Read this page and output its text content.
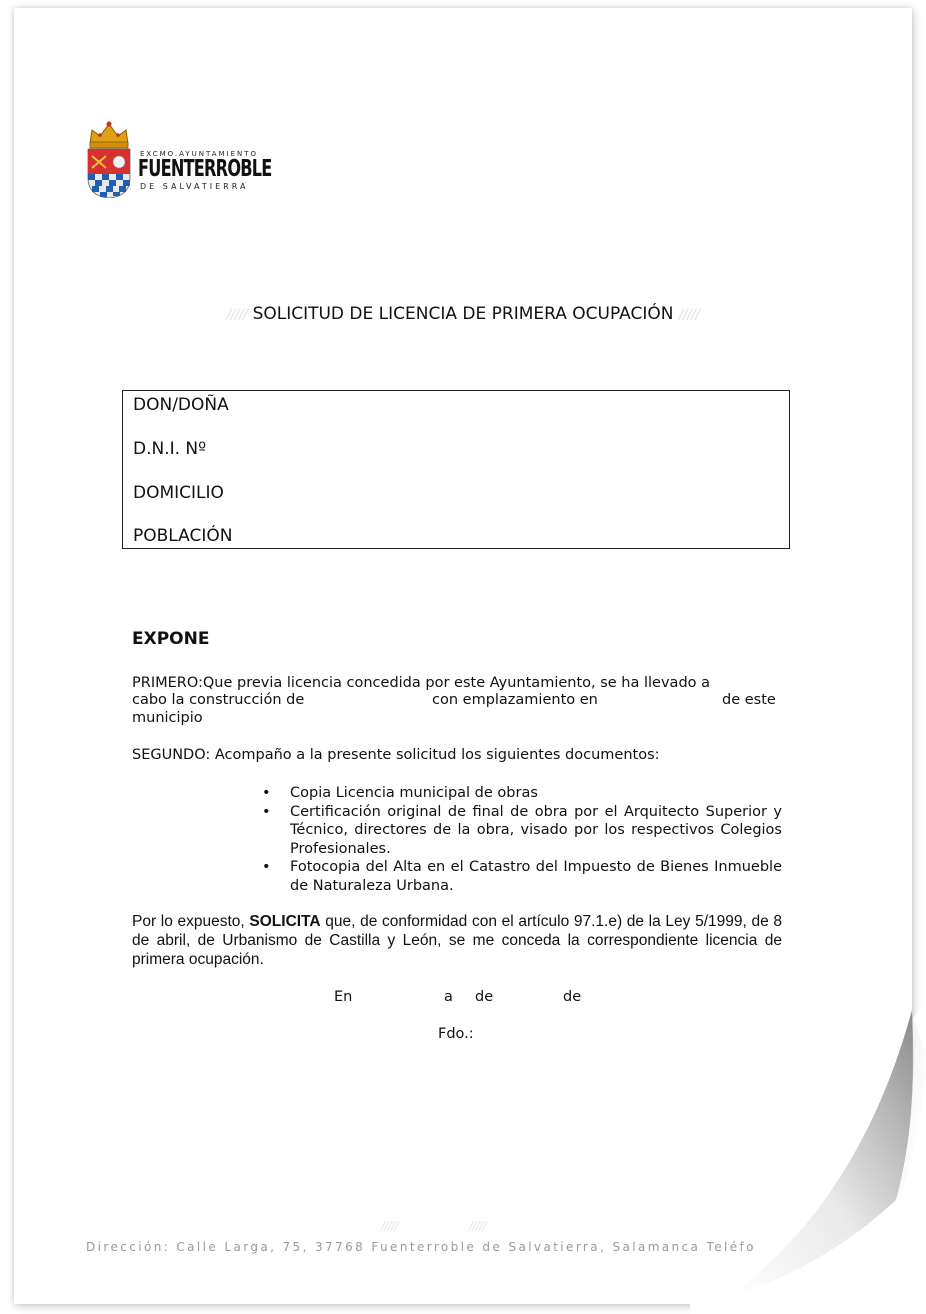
EXCMO.AYUNTAMIENTO
FUENTERROBLE
DE SALVATIERRA
///// SOLICITUD DE LICENCIA DE PRIMERA OCUPACIÓN /////
DON/DOÑA
D.N.I. Nº
DOMICILIO
POBLACIÓN
EXPONE
PRIMERO:Que previa licencia concedida por este Ayuntamiento, se ha llevado a
cabo la construcción de	con emplazamiento en	de este
municipio
SEGUNDO: Acompaño a la presente solicitud los siguientes documentos:
• Copia Licencia municipal de obras
• Certificación original de final de obra por el Arquitecto Superior y Técnico, directores de la obra, visado por los respectivos Colegios Profesionales.
• Fotocopia del Alta en el Catastro del Impuesto de Bienes Inmueble de Naturaleza Urbana.
Por lo expuesto, SOLICITA que, de conformidad con el artículo 97.1.e) de la Ley 5/1999, de 8 de abril, de Urbanismo de Castilla y León, se me conceda la correspondiente licencia de primera ocupación.
En	a de	de
Fdo.:
/////	/////
Dirección: Calle Larga, 75, 37768 Fuenterroble de Salvatierra, Salamanca Teléfo
